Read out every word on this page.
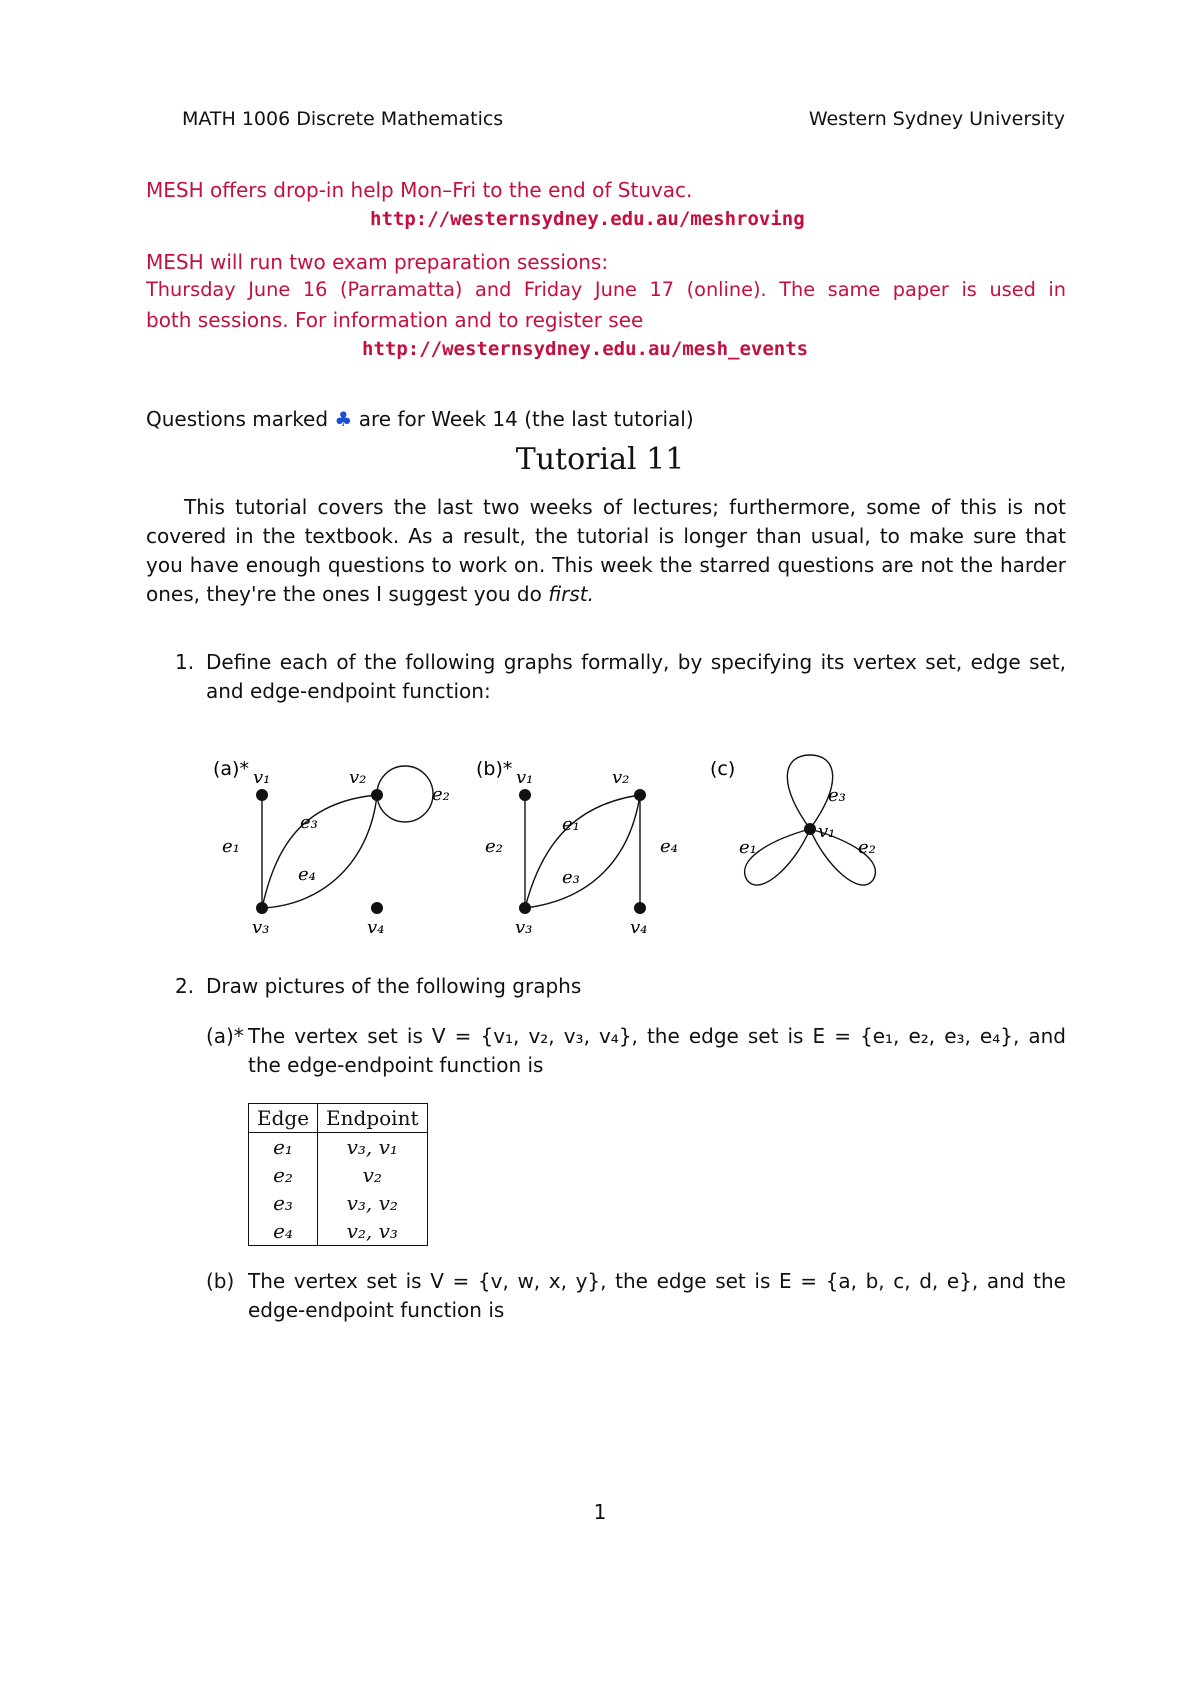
MATH 1006 Discrete Mathematics	Western Sydney University
MESH offers drop-in help Mon–Fri to the end of Stuvac.
http://westernsydney.edu.au/meshroving
MESH will run two exam preparation sessions:
Thursday June 16 (Parramatta) and Friday June 17 (online). The same paper is used in
both sessions. For information and to register see
http://westernsydney.edu.au/mesh_events
Questions marked ♣ are for Week 14 (the last tutorial)
Tutorial 11
This tutorial covers the last two weeks of lectures; furthermore, some of this is not
covered in the textbook. As a result, the tutorial is longer than usual, to make sure that
you have enough questions to work on. This week the starred questions are not the harder
ones, they're the ones I suggest you do first.
1. Define each of the following graphs formally, by specifying its vertex set, edge set,
and edge-endpoint function:
(a)* v₁	v₂
v₃	v₄
e₁
e₂
e₃
e₄
(b)* v₁	v₂
v₃	v₄
e₁
e₂
e₃
e₄
(c)
v₁
e₁	e₂
e₃
2. Draw pictures of the following graphs
(a)* The vertex set is V = {v₁, v₂, v₃, v₄}, the edge set is E = {e₁, e₂, e₃, e₄}, and
the edge-endpoint function is
Edge	Endpoint
e₁	v₃, v₁
e₂	v₂
e₃	v₃, v₂
e₄	v₂, v₃
(b) The vertex set is V = {v, w, x, y}, the edge set is E = {a, b, c, d, e}, and the
edge-endpoint function is
1
